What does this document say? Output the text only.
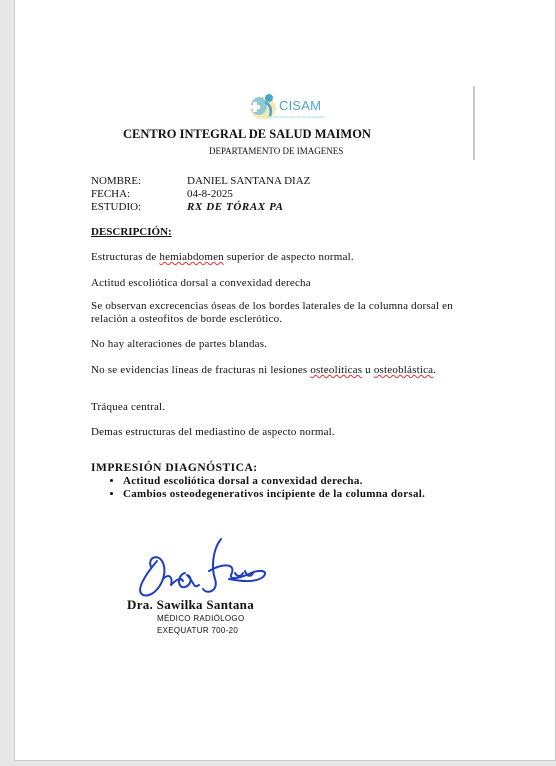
CISAM
CENTRO INTEGRAL DE SALUD MAIMON
CENTRO INTEGRAL DE SALUD MAIMON
DEPARTAMENTO DE IMAGENES
NOMBRE:	DANIEL SANTANA DIAZ
FECHA:	04-8-2025
ESTUDIO:	RX DE TÓRAX PA
DESCRIPCIÓN:
Estructuras de hemiabdomen superior de aspecto normal.
Actitud escoliótica dorsal a convexidad derecha
Se observan excrecencias óseas de los bordes laterales de la columna dorsal en relación a osteofitos de borde esclerótico.
No hay alteraciones de partes blandas.
No se evidencias líneas de fracturas ni lesiones osteolíticas u osteoblástica.
Tráquea central.
Demas estructuras del mediastino de aspecto normal.
IMPRESIÓN DIAGNÓSTICA:
• Actitud escoliótica dorsal a convexidad derecha.
• Cambios osteodegenerativos incipiente de la columna dorsal.
Dra. Sawilka Santana
MÉDICO RADIÓLOGO
EXEQUATUR 700-20
